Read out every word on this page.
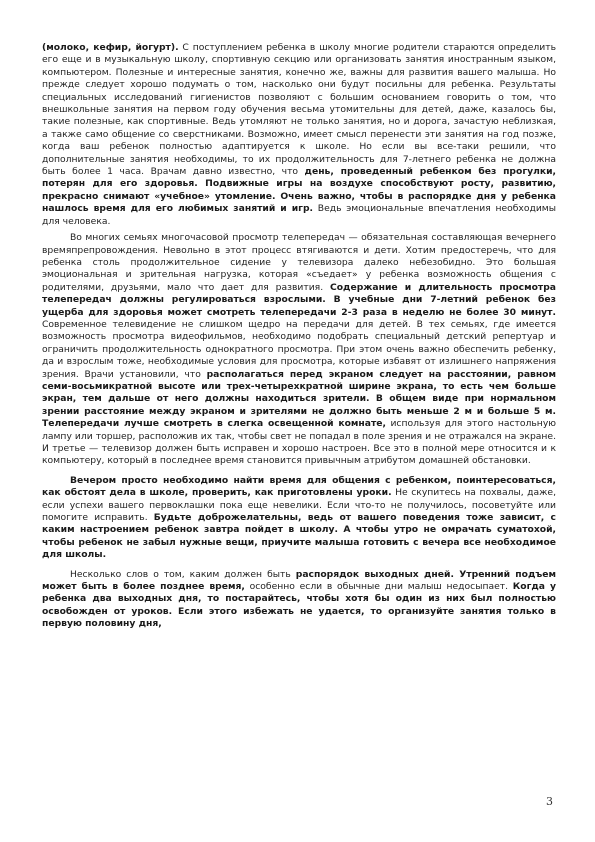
(молоко, кефир, йогурт). С поступлением ребенка в школу многие родители стараются определить его еще и в музыкальную школу, спортивную секцию или организовать занятия иностранным языком, компьютером. Полезные и интересные занятия, конечно же, важны для развития вашего малыша. Но прежде следует хорошо подумать о том, насколько они будут посильны для ребенка. Результаты специальных исследований гигиенистов позволяют с большим основанием говорить о том, что внешкольные занятия на первом году обучения весьма утомительны для детей, даже, казалось бы, такие полезные, как спортивные. Ведь утомляют не только занятия, но и дорога, зачастую неблизкая, а также само общение со сверстниками. Возможно, имеет смысл перенести эти занятия на год позже, когда ваш ребенок полностью адаптируется к школе. Но если вы все-таки решили, что дополнительные занятия необходимы, то их продолжительность для 7-летнего ребенка не должна быть более 1 часа. Врачам давно известно, что день, проведенный ребенком без прогулки, потерян для его здоровья. Подвижные игры на воздухе способствуют росту, развитию, прекрасно снимают «учебное» утомление. Очень важно, чтобы в распорядке дня у ребенка нашлось время для его любимых занятий и игр. Ведь эмоциональные впечатления необходимы для человека.

Во многих семьях многочасовой просмотр телепередач — обязательная составляющая вечернего времяпрепровождения. Невольно в этот процесс втягиваются и дети. Хотим предостеречь, что для ребенка столь продолжительное сидение у телевизора далеко небезобидно. Это большая эмоциональная и зрительная нагрузка, которая «съедает» у ребенка возможность общения с родителями, друзьями, мало что дает для развития. Содержание и длительность просмотра телепередач должны регулироваться взрослыми. В учебные дни 7-летний ребенок без ущерба для здоровья может смотреть телепередачи 2-3 раза в неделю не более 30 минут. Современное телевидение не слишком щедро на передачи для детей. В тех семьях, где имеется возможность просмотра видеофильмов, необходимо подобрать специальный детский репертуар и ограничить продолжительность однократного просмотра. При этом очень важно обеспечить ребенку, да и взрослым тоже, необходимые условия для просмотра, которые избавят от излишнего напряжения зрения. Врачи установили, что располагаться перед экраном следует на расстоянии, равном семи-восьмикратной высоте или трех-четырехкратной ширине экрана, то есть чем больше экран, тем дальше от него должны находиться зрители. В общем виде при нормальном зрении расстояние между экраном и зрителями не должно быть меньше 2 м и больше 5 м. Телепередачи лучше смотреть в слегка освещенной комнате, используя для этого настольную лампу или торшер, расположив их так, чтобы свет не попадал в поле зрения и не отражался на экране. И третье — телевизор должен быть исправен и хорошо настроен. Все это в полной мере относится и к компьютеру, который в последнее время становится привычным атрибутом домашней обстановки.

Вечером просто необходимо найти время для общения с ребенком, поинтересоваться, как обстоят дела в школе, проверить, как приготовлены уроки. Не скупитесь на похвалы, даже, если успехи вашего первоклашки пока еще невелики. Если что-то не получилось, посоветуйте или помогите исправить. Будьте доброжелательны, ведь от вашего поведения тоже зависит, с каким настроением ребенок завтра пойдет в школу. А чтобы утро не омрачать суматохой, чтобы ребенок не забыл нужные вещи, приучите малыша готовить с вечера все необходимое для школы.

Несколько слов о том, каким должен быть распорядок выходных дней. Утренний подъем может быть в более позднее время, особенно если в обычные дни малыш недосыпает. Когда у ребенка два выходных дня, то постарайтесь, чтобы хотя бы один из них был полностью освобожден от уроков. Если этого избежать не удается, то организуйте занятия только в первую половину дня,

3
